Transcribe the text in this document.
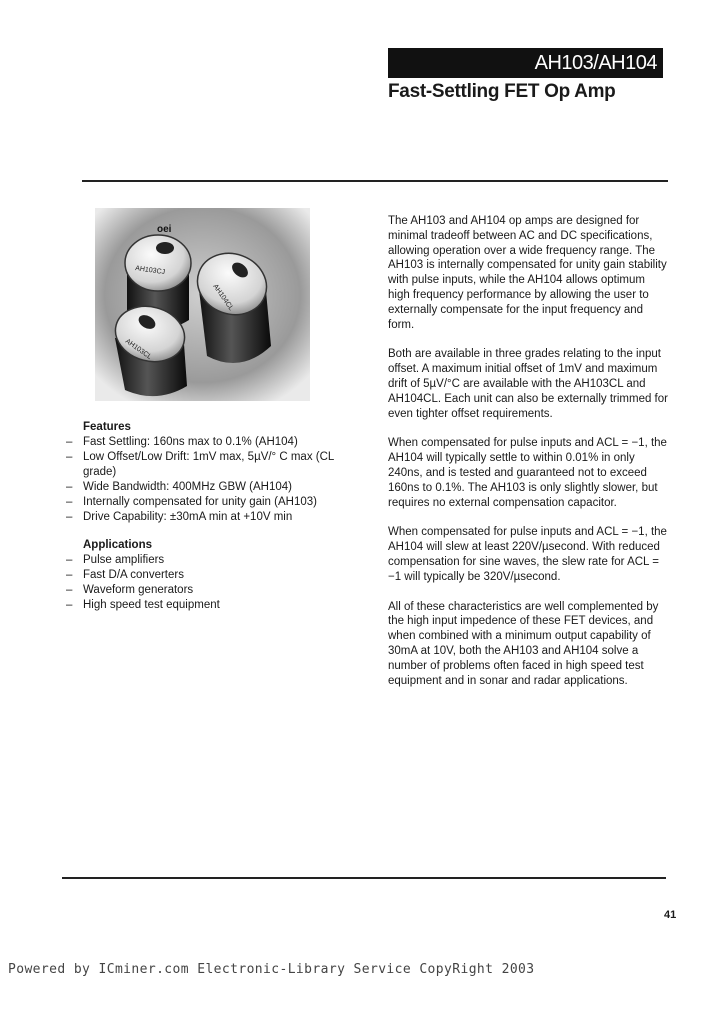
AH103/AH104
Fast-Settling FET Op Amp
oei
AH103CJ
AH104CL
AH103CL
Features
– Fast Settling: 160ns max to 0.1% (AH104)
– Low Offset/Low Drift: 1mV max, 5µV/° C max (CL grade)
– Wide Bandwidth: 400MHz GBW (AH104)
– Internally compensated for unity gain (AH103)
– Drive Capability: ±30mA min at +10V min
Applications
– Pulse amplifiers
– Fast D/A converters
– Waveform generators
– High speed test equipment

The AH103 and AH104 op amps are designed for minimal tradeoff between AC and DC specifications, allowing operation over a wide frequency range. The AH103 is internally compensated for unity gain stability with pulse inputs, while the AH104 allows optimum high frequency performance by allowing the user to externally compensate for the input frequency and form.

Both are available in three grades relating to the input offset. A maximum initial offset of 1mV and maximum drift of 5µV/°C are available with the AH103CL and AH104CL. Each unit can also be externally trimmed for even tighter offset requirements.

When compensated for pulse inputs and ACL = −1, the AH104 will typically settle to within 0.01% in only 240ns, and is tested and guaranteed not to exceed 160ns to 0.1%. The AH103 is only slightly slower, but requires no external compensation capacitor.

When compensated for pulse inputs and ACL = −1, the AH104 will slew at least 220V/µsecond. With reduced compensation for sine waves, the slew rate for ACL = −1 will typically be 320V/µsecond.

All of these characteristics are well complemented by the high input impedence of these FET devices, and when combined with a minimum output capability of 30mA at 10V, both the AH103 and AH104 solve a number of problems often faced in high speed test equipment and in sonar and radar applications.

41
Powered by ICminer.com Electronic-Library Service CopyRight 2003
